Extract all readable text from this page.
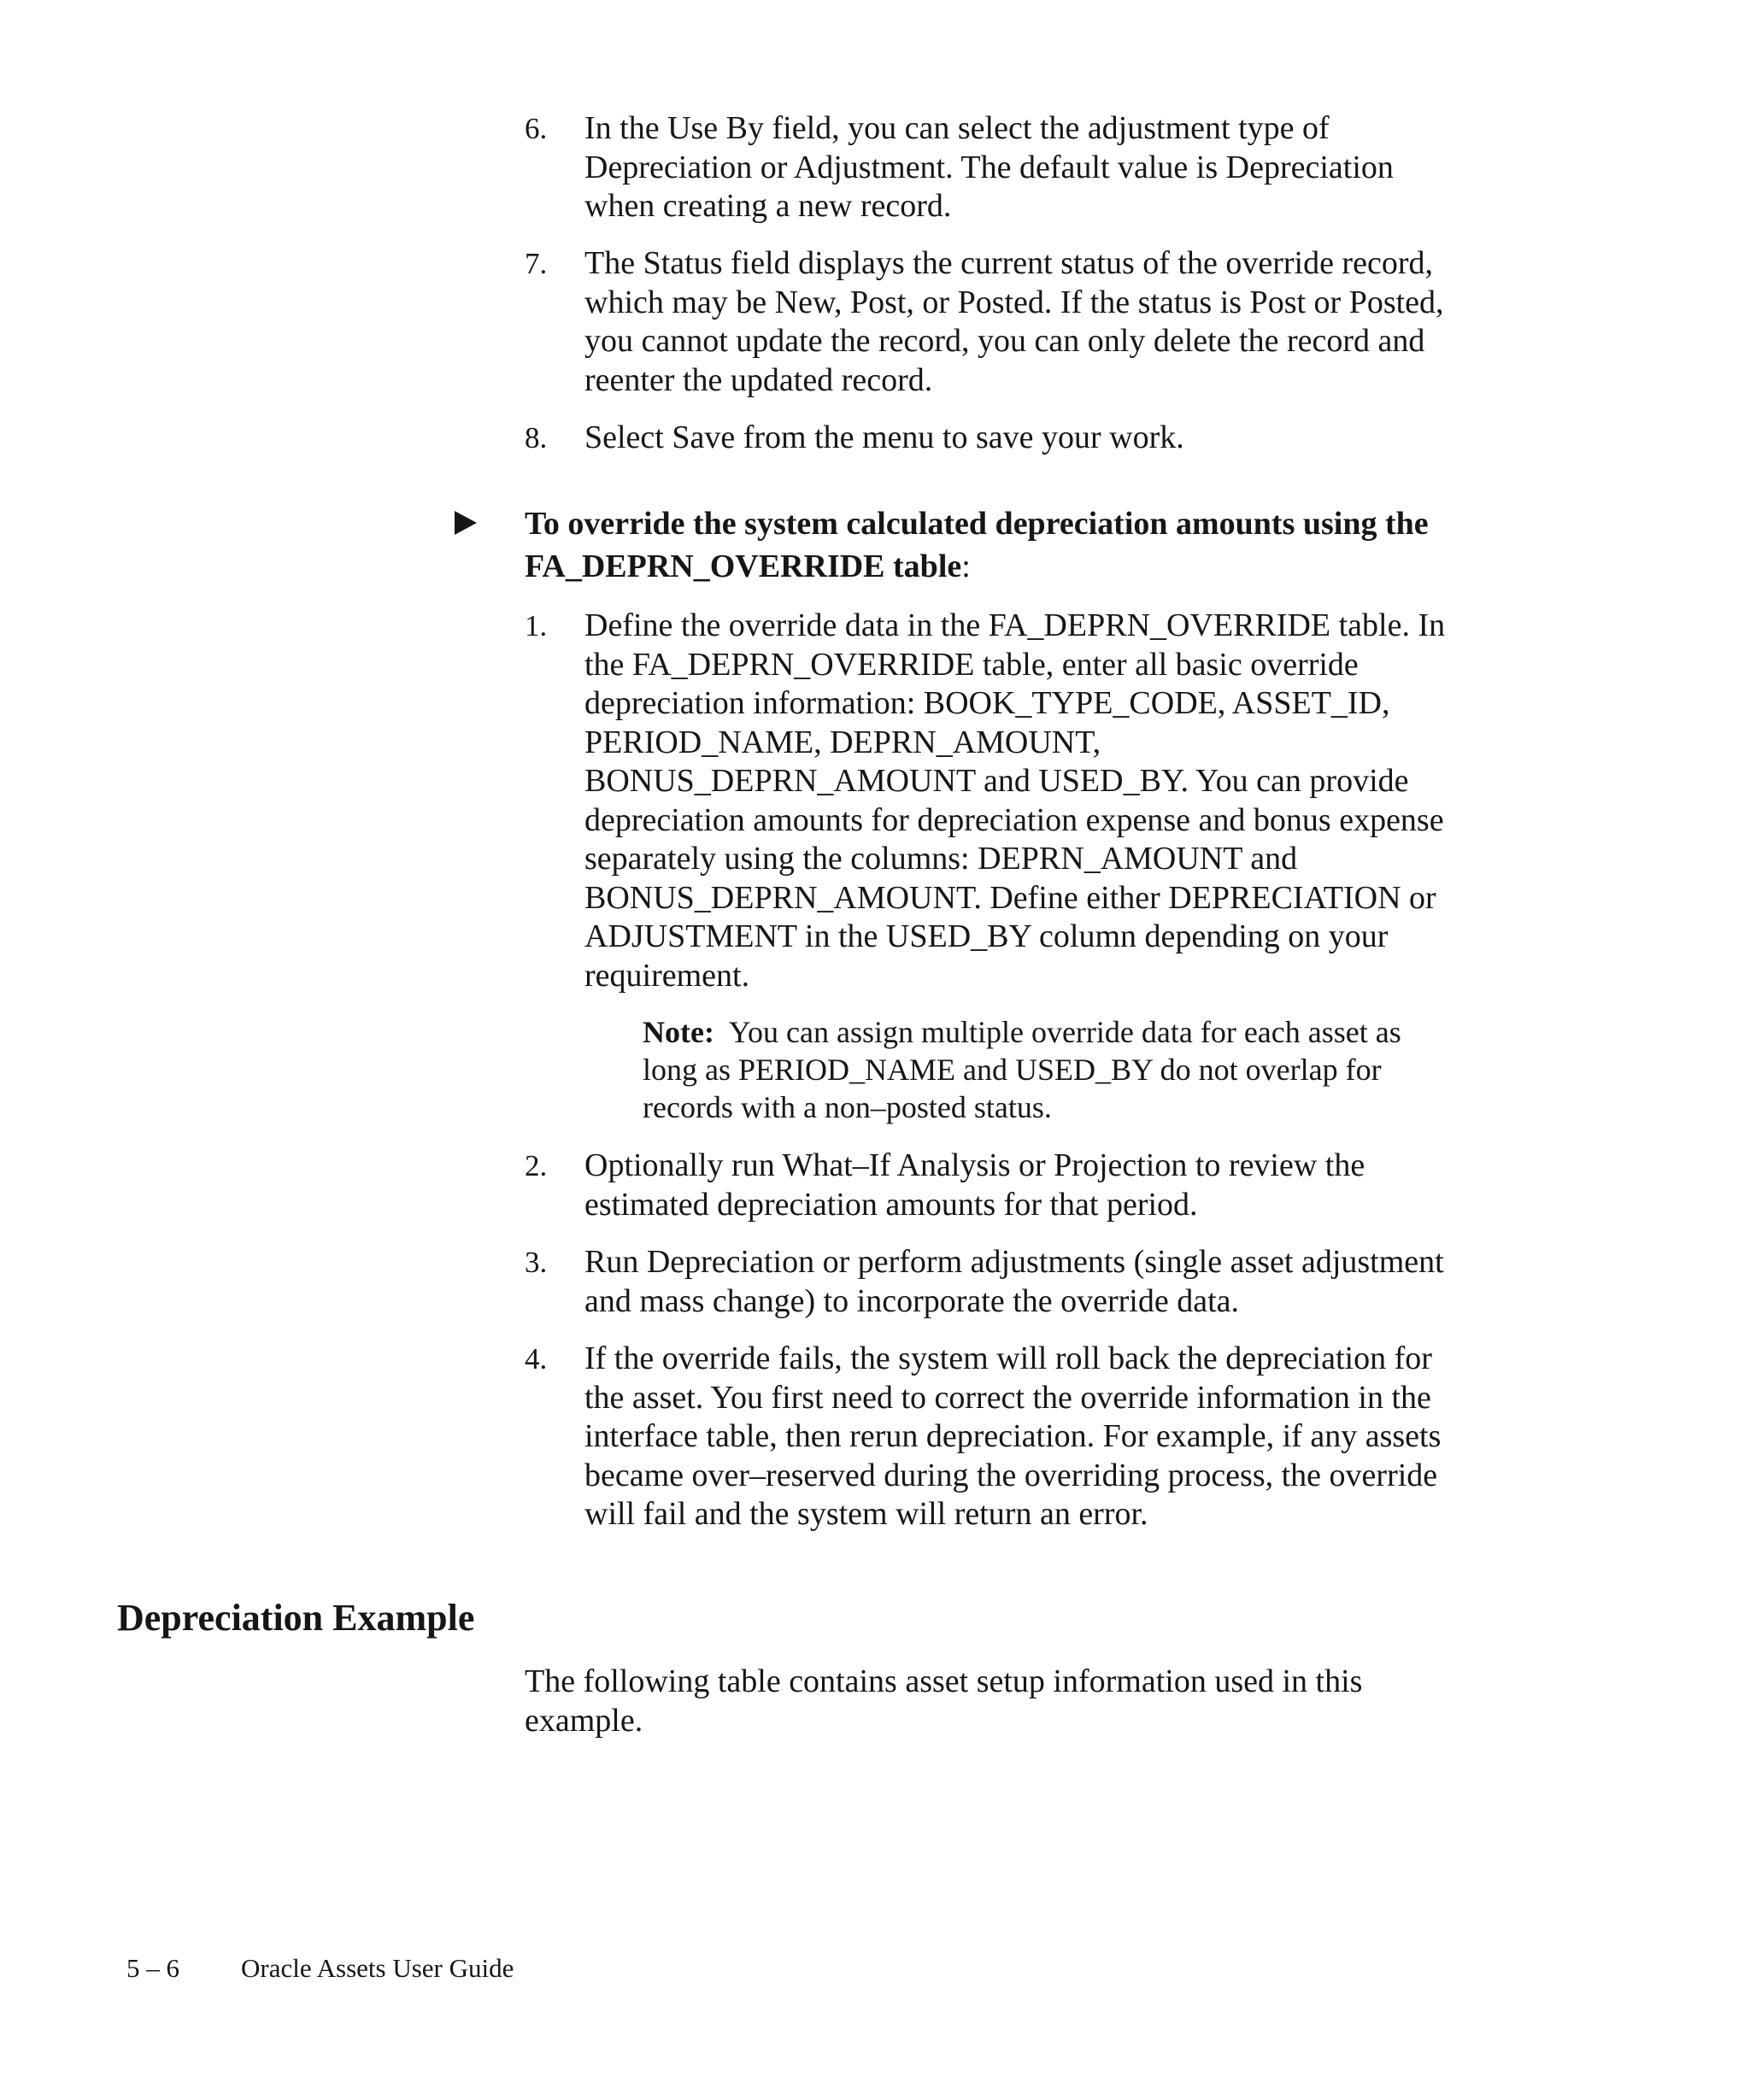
6. In the Use By field, you can select the adjustment type of
Depreciation or Adjustment. The default value is Depreciation
when creating a new record.
7. The Status field displays the current status of the override record,
which may be New, Post, or Posted. If the status is Post or Posted,
you cannot update the record, you can only delete the record and
reenter the updated record.
8. Select Save from the menu to save your work.
To override the system calculated depreciation amounts using the
FA_DEPRN_OVERRIDE table:
1. Define the override data in the FA_DEPRN_OVERRIDE table. In
the FA_DEPRN_OVERRIDE table, enter all basic override
depreciation information: BOOK_TYPE_CODE, ASSET_ID,
PERIOD_NAME, DEPRN_AMOUNT,
BONUS_DEPRN_AMOUNT and USED_BY. You can provide
depreciation amounts for depreciation expense and bonus expense
separately using the columns: DEPRN_AMOUNT and
BONUS_DEPRN_AMOUNT. Define either DEPRECIATION or
ADJUSTMENT in the USED_BY column depending on your
requirement.
Note:  You can assign multiple override data for each asset as
long as PERIOD_NAME and USED_BY do not overlap for
records with a non–posted status.
2. Optionally run What–If Analysis or Projection to review the
estimated depreciation amounts for that period.
3. Run Depreciation or perform adjustments (single asset adjustment
and mass change) to incorporate the override data.
4. If the override fails, the system will roll back the depreciation for
the asset. You first need to correct the override information in the
interface table, then rerun depreciation. For example, if any assets
became over–reserved during the overriding process, the override
will fail and the system will return an error.
Depreciation Example
The following table contains asset setup information used in this
example.
5 – 6 Oracle Assets User Guide
